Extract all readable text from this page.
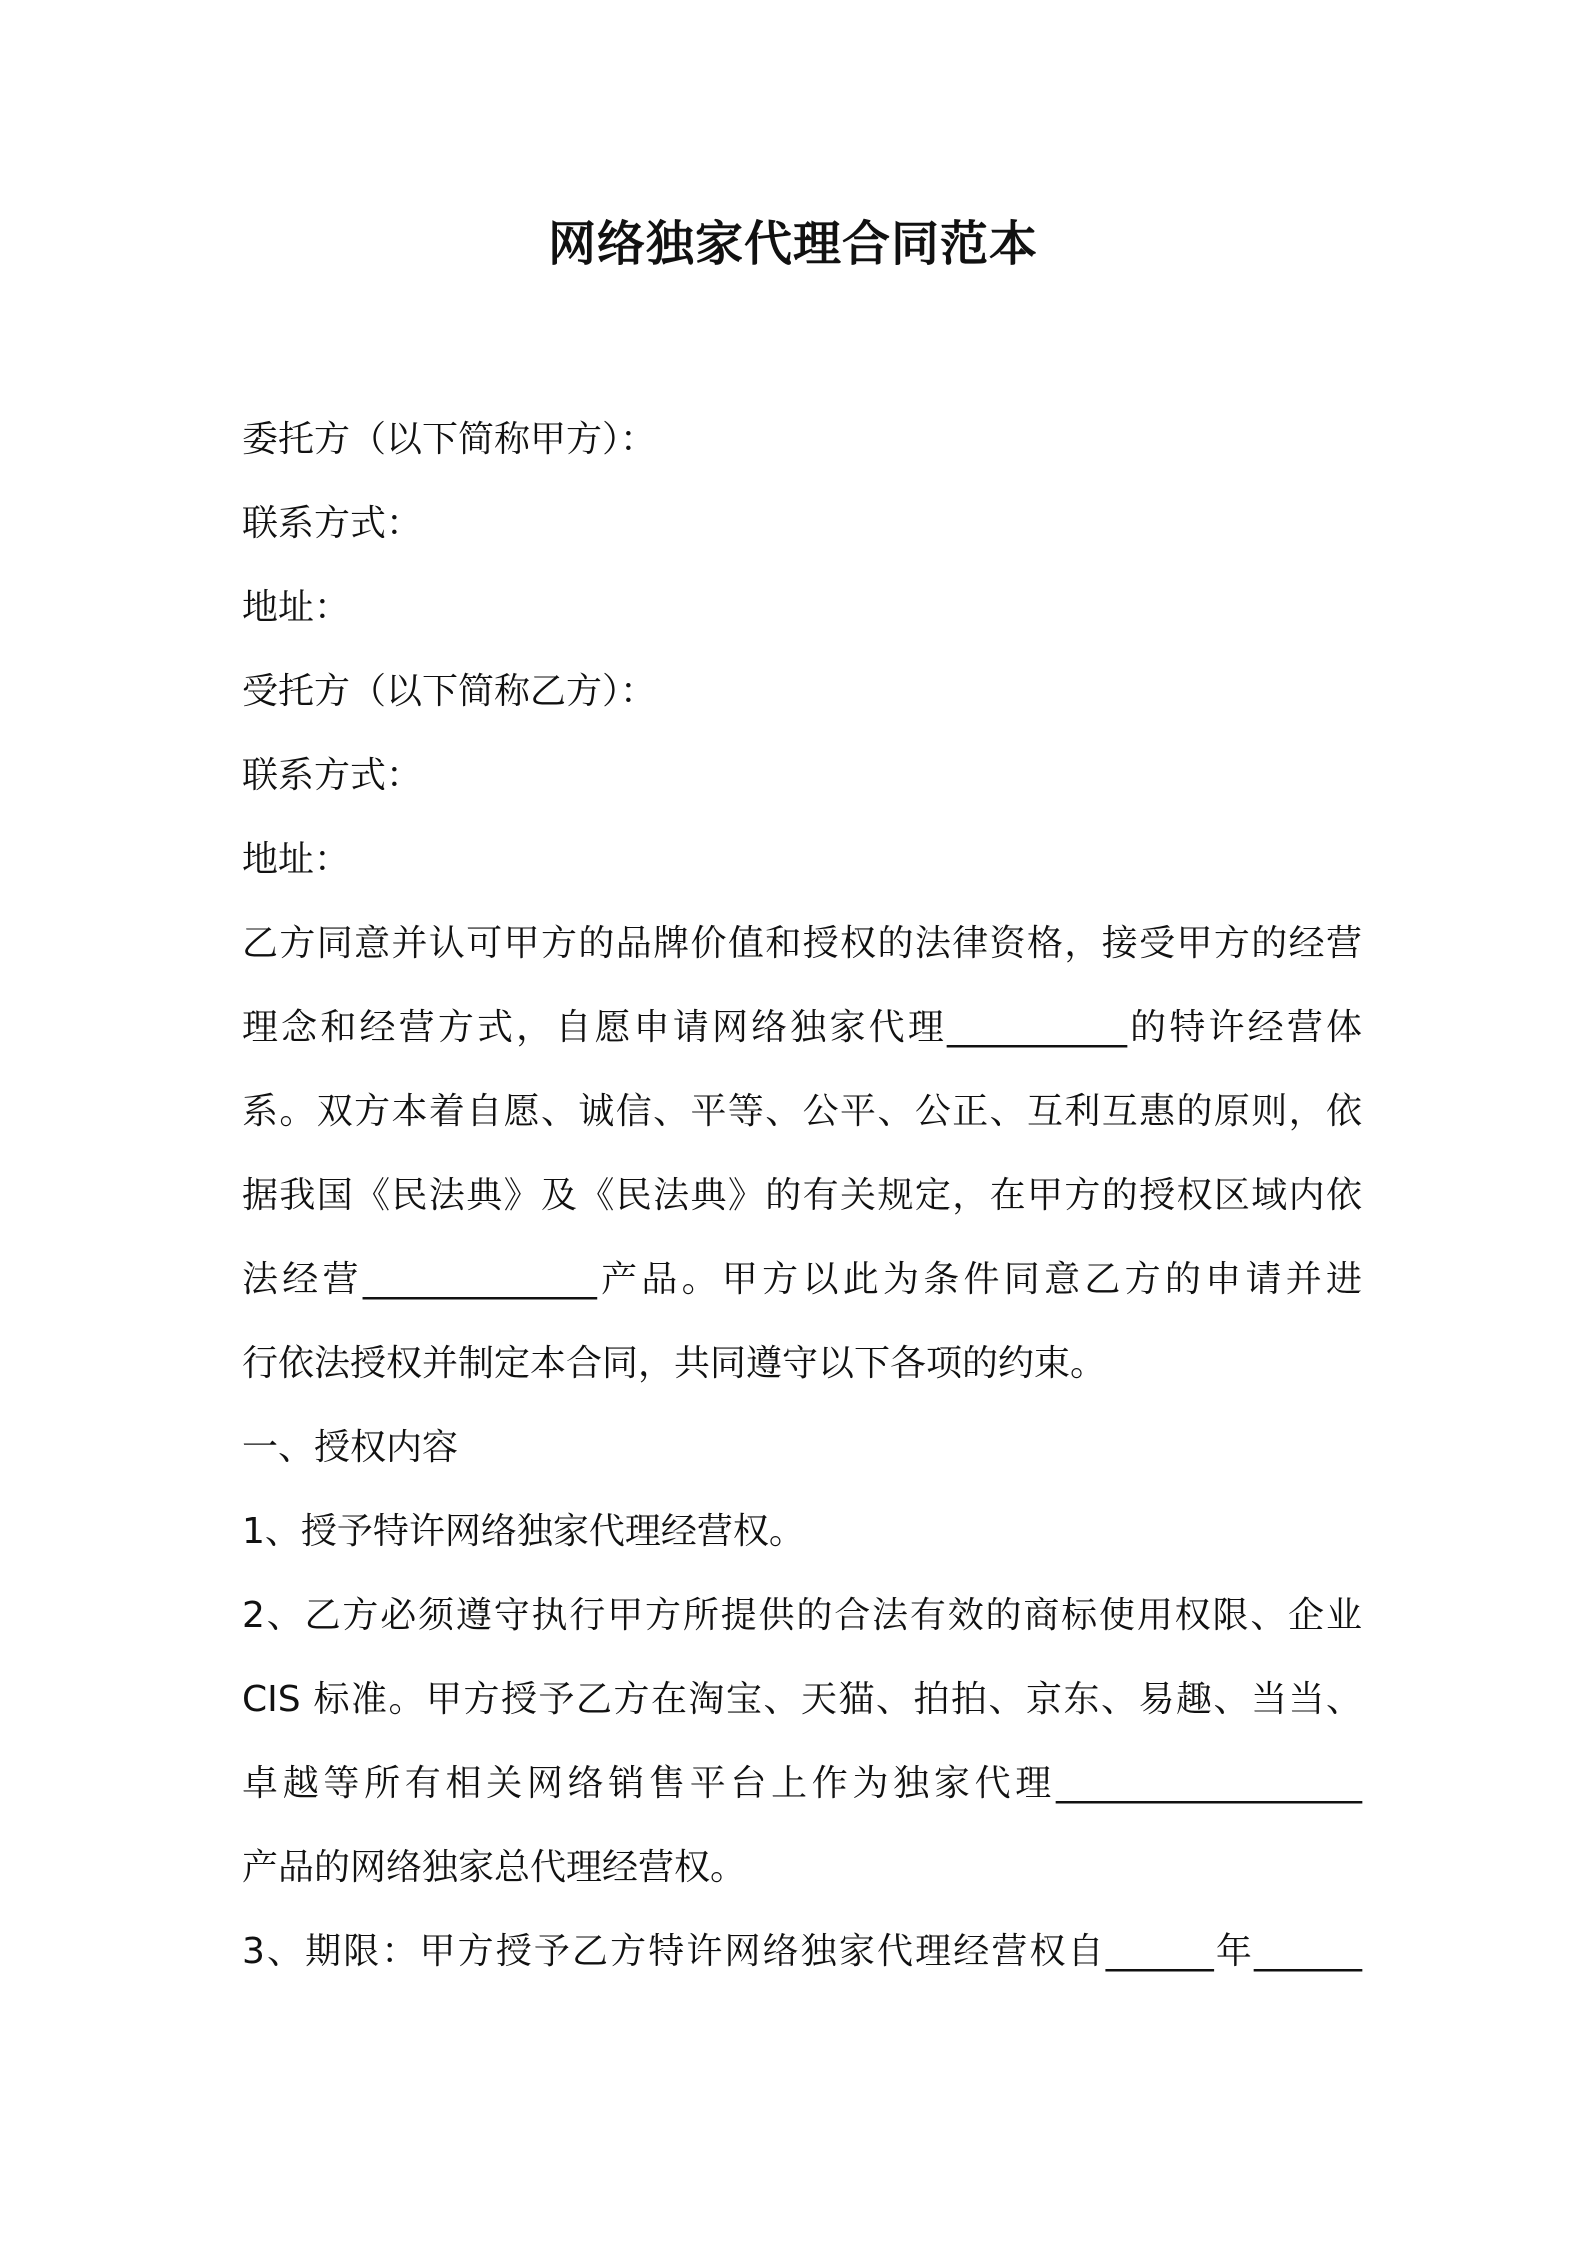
网络独家代理合同范本
委托方（以下简称甲方）：
联系方式：
地址：
受托方（以下简称乙方）：
联系方式：
地址：
乙方同意并认可甲方的品牌价值和授权的法律资格，接受甲方的经营
理念和经营方式，自愿申请网络独家代理__________的特许经营体
系。双方本着自愿、诚信、平等、公平、公正、互利互惠的原则，依
据我国《民法典》及《民法典》的有关规定，在甲方的授权区域内依
法经营_____________产品。甲方以此为条件同意乙方的申请并进
行依法授权并制定本合同，共同遵守以下各项的约束。
一、授权内容
1、授予特许网络独家代理经营权。
2、乙方必须遵守执行甲方所提供的合法有效的商标使用权限、企业
CIS 标准。甲方授予乙方在淘宝、天猫、拍拍、京东、易趣、当当、
卓越等所有相关网络销售平台上作为独家代理_________________
产品的网络独家总代理经营权。
3、期限：甲方授予乙方特许网络独家代理经营权自______年______
